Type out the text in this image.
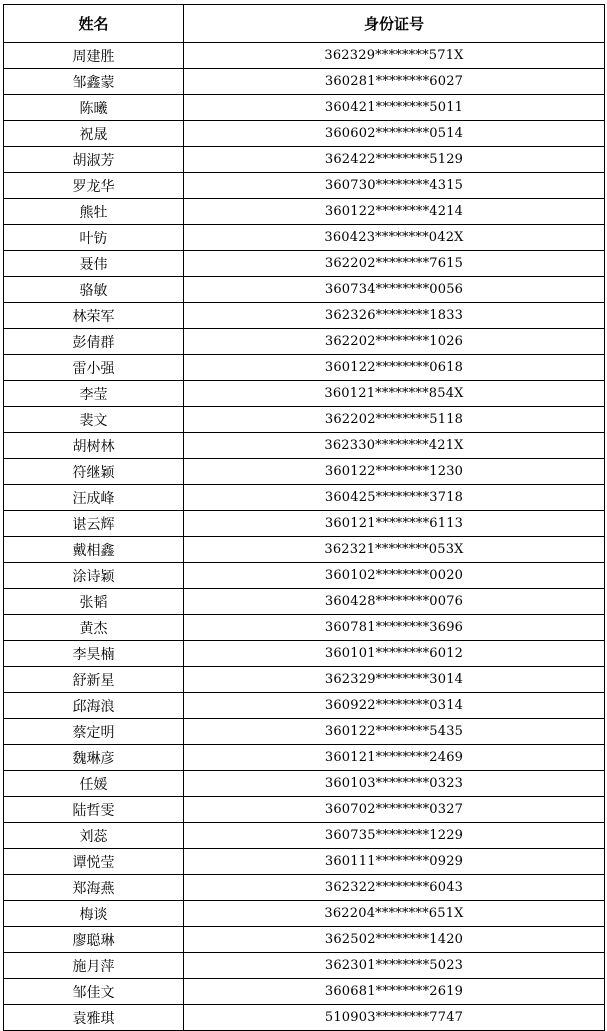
姓名	身份证号
周建胜	362329********571X
邹鑫蒙	360281********6027
陈曦	360421********5011
祝晟	360602********0514
胡淑芳	362422********5129
罗龙华	360730********4315
熊牡	360122********4214
叶钫	360423********042X
聂伟	362202********7615
骆敏	360734********0056
林荣军	362326********1833
彭倩群	362202********1026
雷小强	360122********0618
李莹	360121********854X
裴文	362202********5118
胡树林	362330********421X
符继颖	360122********1230
汪成峰	360425********3718
谌云辉	360121********6113
戴相鑫	362321********053X
涂诗颖	360102********0020
张韬	360428********0076
黄杰	360781********3696
李昊楠	360101********6012
舒新星	362329********3014
邱海浪	360922********0314
蔡定明	360122********5435
魏琳彦	360121********2469
任媛	360103********0323
陆哲雯	360702********0327
刘蕊	360735********1229
谭悦莹	360111********0929
郑海燕	362322********6043
梅谈	362204********651X
廖聪琳	362502********1420
施月萍	362301********5023
邹佳文	360681********2619
袁雅琪	510903********7747
